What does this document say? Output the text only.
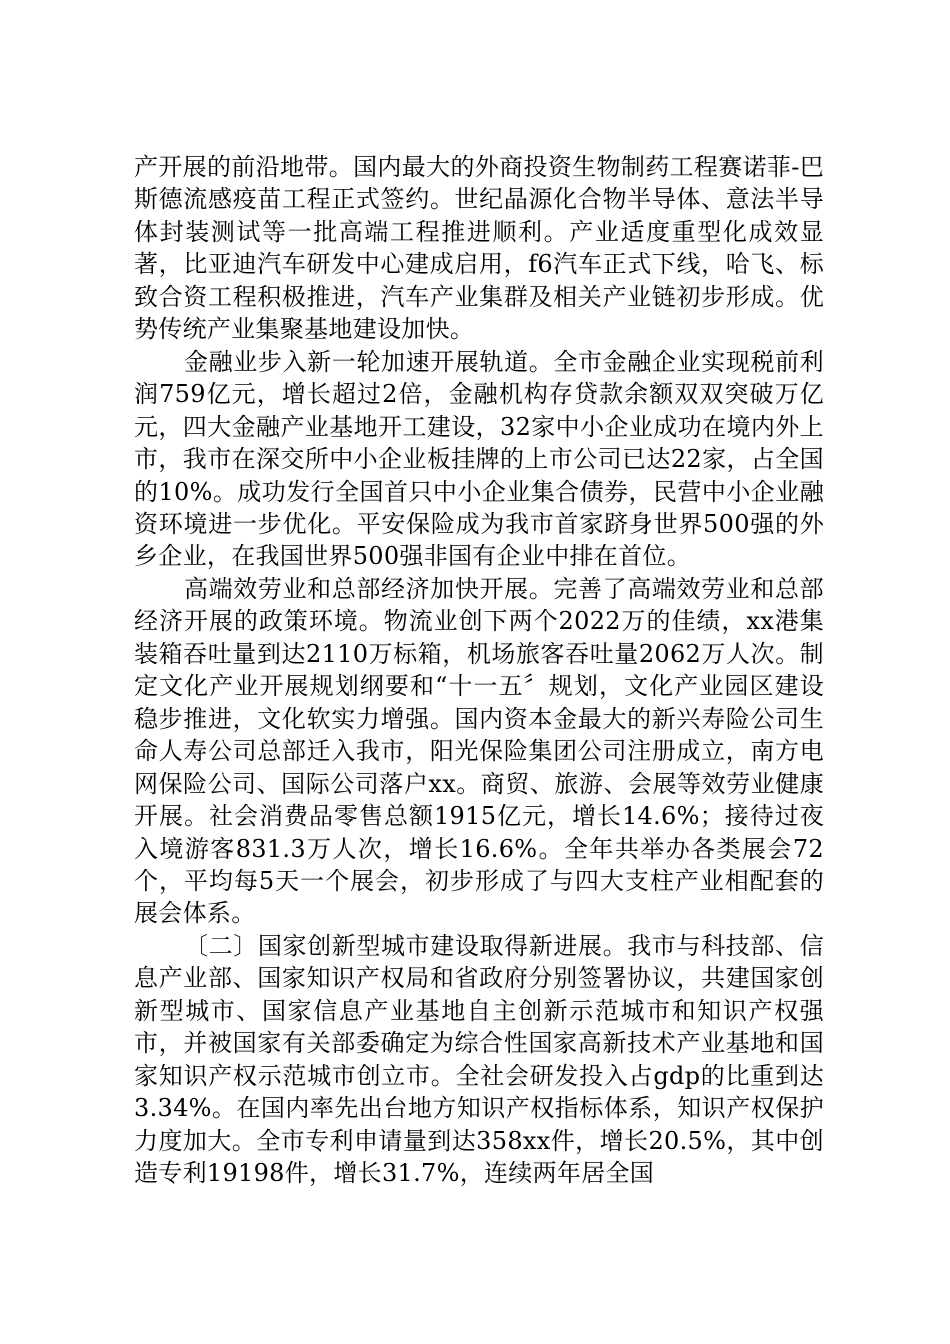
产开展的前沿地带。国内最大的外商投资生物制药工程赛诺菲-巴斯德流感疫苗工程正式签约。世纪晶源化合物半导体、意法半导体封装测试等一批高端工程推进顺利。产业适度重型化成效显著，比亚迪汽车研发中心建成启用，f6汽车正式下线，哈飞、标致合资工程积极推进，汽车产业集群及相关产业链初步形成。优势传统产业集聚基地建设加快。

金融业步入新一轮加速开展轨道。全市金融企业实现税前利润759亿元，增长超过2倍，金融机构存贷款余额双双突破万亿元，四大金融产业基地开工建设，32家中小企业成功在境内外上市，我市在深交所中小企业板挂牌的上市公司已达22家，占全国的10%。成功发行全国首只中小企业集合债券，民营中小企业融资环境进一步优化。平安保险成为我市首家跻身世界500强的外乡企业，在我国世界500强非国有企业中排在首位。

高端效劳业和总部经济加快开展。完善了高端效劳业和总部经济开展的政策环境。物流业创下两个2022万的佳绩，xx港集装箱吞吐量到达2110万标箱，机场旅客吞吐量2062万人次。制定文化产业开展规划纲要和“十一五〞规划，文化产业园区建设稳步推进，文化软实力增强。国内资本金最大的新兴寿险公司生命人寿公司总部迁入我市，阳光保险集团公司注册成立，南方电网保险公司、国际公司落户xx。商贸、旅游、会展等效劳业健康开展。社会消费品零售总额1915亿元，增长14.6%；接待过夜入境游客831.3万人次，增长16.6%。全年共举办各类展会72个，平均每5天一个展会，初步形成了与四大支柱产业相配套的展会体系。

〔二〕国家创新型城市建设取得新进展。我市与科技部、信息产业部、国家知识产权局和省政府分别签署协议，共建国家创新型城市、国家信息产业基地自主创新示范城市和知识产权强市，并被国家有关部委确定为综合性国家高新技术产业基地和国家知识产权示范城市创立市。全社会研发投入占gdp的比重到达3.34%。在国内率先出台地方知识产权指标体系，知识产权保护力度加大。全市专利申请量到达358xx件，增长20.5%，其中创造专利19198件，增长31.7%，连续两年居全国
